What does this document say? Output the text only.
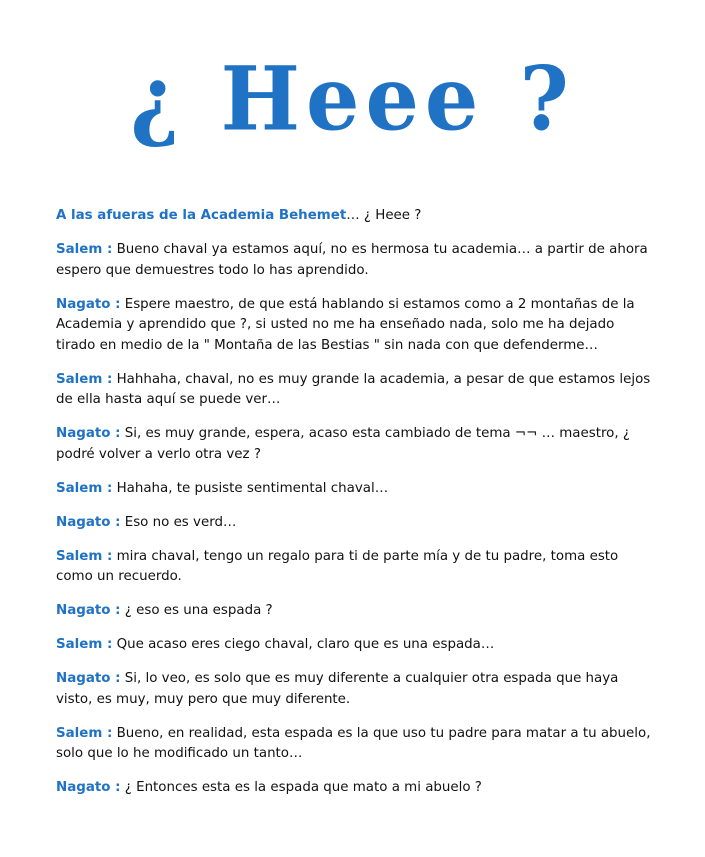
¿ Heee ?

A las afueras de la Academia Behemet… ¿ Heee ?

Salem : Bueno chaval ya estamos aquí, no es hermosa tu academia… a partir de ahora espero que demuestres todo lo has aprendido.

Nagato : Espere maestro, de que está hablando si estamos como a 2 montañas de la Academia y aprendido que ?, si usted no me ha enseñado nada, solo me ha dejado tirado en medio de la " Montaña de las Bestias " sin nada con que defenderme…

Salem : Hahhaha, chaval, no es muy grande la academia, a pesar de que estamos lejos de ella hasta aquí se puede ver…

Nagato : Si, es muy grande, espera, acaso esta cambiado de tema ¬¬ … maestro, ¿ podré volver a verlo otra vez ?

Salem : Hahaha, te pusiste sentimental chaval…

Nagato : Eso no es verd…

Salem : mira chaval, tengo un regalo para ti de parte mía y de tu padre, toma esto como un recuerdo.

Nagato : ¿ eso es una espada ?

Salem : Que acaso eres ciego chaval, claro que es una espada…

Nagato : Si, lo veo, es solo que es muy diferente a cualquier otra espada que haya visto, es muy, muy pero que muy diferente.

Salem : Bueno, en realidad, esta espada es la que uso tu padre para matar a tu abuelo, solo que lo he modificado un tanto…

Nagato : ¿ Entonces esta es la espada que mato a mi abuelo ?
